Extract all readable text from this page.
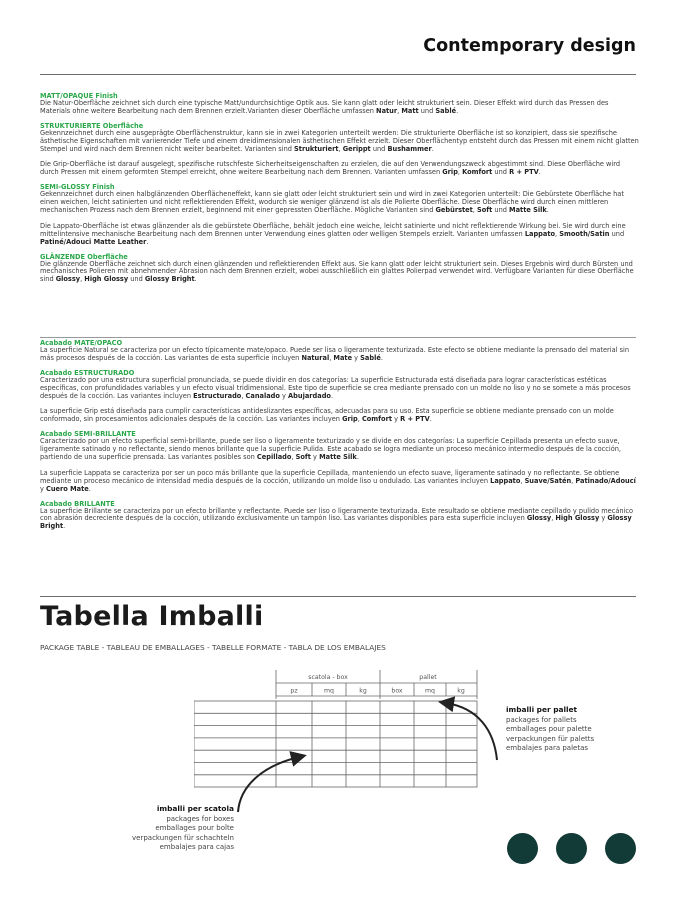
Contemporary design
MATT/OPAQUE Finish

Die Natur-Oberfläche zeichnet sich durch eine typische Matt/undurchsichtige Optik aus. Sie kann glatt oder leicht strukturiert sein. Dieser Effekt wird durch das Pressen des Materials ohne weitere Bearbeitung nach dem Brennen erzielt.Varianten dieser Oberfläche umfassen Natur, Matt und Sablé.

STRUKTURIERTE Oberfläche

Gekennzeichnet durch eine ausgeprägte Oberflächenstruktur, kann sie in zwei Kategorien unterteilt werden: Die strukturierte Oberfläche ist so konzipiert, dass sie spezifische ästhetische Eigenschaften mit variierender Tiefe und einem dreidimensionalen ästhetischen Effekt erzielt. Dieser Oberflächentyp entsteht durch das Pressen mit einem nicht glatten Stempel und wird nach dem Brennen nicht weiter bearbeitet. Varianten sind Strukturiert, Gerippt und Bushammer.

Die Grip-Oberfläche ist darauf ausgelegt, spezifische rutschfeste Sicherheitseigenschaften zu erzielen, die auf den Verwendungszweck abgestimmt sind. Diese Oberfläche wird durch Pressen mit einem geformten Stempel erreicht, ohne weitere Bearbeitung nach dem Brennen. Varianten umfassen Grip, Komfort und R + PTV.

SEMI-GLOSSY Finish

Gekennzeichnet durch einen halbglänzenden Oberflächeneffekt, kann sie glatt oder leicht strukturiert sein und wird in zwei Kategorien unterteilt: Die Gebürstete Oberfläche hat einen weichen, leicht satinierten und nicht reflektierenden Effekt, wodurch sie weniger glänzend ist als die Polierte Oberfläche. Diese Oberfläche wird durch einen mittleren mechanischen Prozess nach dem Brennen erzielt, beginnend mit einer gepressten Oberfläche. Mögliche Varianten sind Gebürstet, Soft und Matte Silk.

Die Lappato-Oberfläche ist etwas glänzender als die gebürstete Oberfläche, behält jedoch eine weiche, leicht satinierte und nicht reflektierende Wirkung bei. Sie wird durch eine mittelintensive mechanische Bearbeitung nach dem Brennen unter Verwendung eines glatten oder welligen Stempels erzielt. Varianten umfassen Lappato, Smooth/Satin und Patiné/Adouci Matte Leather.

GLÄNZENDE Oberfläche

Die glänzende Oberfläche zeichnet sich durch einen glänzenden und reflektierenden Effekt aus. Sie kann glatt oder leicht strukturiert sein. Dieses Ergebnis wird durch Bürsten und mechanisches Polieren mit abnehmender Abrasion nach dem Brennen erzielt, wobei ausschließlich ein glattes Polierpad verwendet wird. Verfügbare Varianten für diese Oberfläche sind Glossy, High Glossy und Glossy Bright.

Acabado MATE/OPACO

La superficie Natural se caracteriza por un efecto típicamente mate/opaco. Puede ser lisa o ligeramente texturizada. Este efecto se obtiene mediante la prensado del material sin más procesos después de la cocción. Las variantes de esta superficie incluyen Natural, Mate y Sablé.

Acabado ESTRUCTURADO

Caracterizado por una estructura superficial pronunciada, se puede dividir en dos categorías: La superficie Estructurada está diseñada para lograr características estéticas específicas, con profundidades variables y un efecto visual tridimensional. Este tipo de superficie se crea mediante prensado con un molde no liso y no se somete a más procesos después de la cocción. Las variantes incluyen Estructurado, Canalado y Abujardado.

La superficie Grip está diseñada para cumplir características antideslizantes específicas, adecuadas para su uso. Esta superficie se obtiene mediante prensado con un molde conformado, sin procesamientos adicionales después de la cocción. Las variantes incluyen Grip, Comfort y R + PTV.

Acabado SEMI-BRILLANTE

Caracterizado por un efecto superficial semi-brillante, puede ser liso o ligeramente texturizado y se divide en dos categorías: La superficie Cepillada presenta un efecto suave, ligeramente satinado y no reflectante, siendo menos brillante que la superficie Pulida. Este acabado se logra mediante un proceso mecánico intermedio después de la cocción, partiendo de una superficie prensada. Las variantes posibles son Cepillado, Soft y Matte Silk.

La superficie Lappata se caracteriza por ser un poco más brillante que la superficie Cepillada, manteniendo un efecto suave, ligeramente satinado y no reflectante. Se obtiene mediante un proceso mecánico de intensidad media después de la cocción, utilizando un molde liso u ondulado. Las variantes incluyen Lappato, Suave/Satén, Patinado/Adoucí y Cuero Mate.

Acabado BRILLANTE

La superficie Brillante se caracteriza por un efecto brillante y reflectante. Puede ser liso o ligeramente texturizada. Este resultado se obtiene mediante cepillado y pulido mecánico con abrasión decreciente después de la cocción, utilizando exclusivamente un tampón liso. Las variantes disponibles para esta superficie incluyen Glossy, High Glossy y Glossy Bright.

Tabella Imballi
PACKAGE TABLE - TABLEAU DE EMBALLAGES - TABELLE FORMATE - TABLA DE LOS EMBALAJES
scatola - box	pallet
pz	mq	kg	box	mq	kg
imballi per pallet
packages for pallets
emballages pour palette
verpackungen für paletts
embalajes para paletas
imballi per scatola
packages for boxes
emballages pour boîte
verpackungen für schachteln
embalajes para cajas
